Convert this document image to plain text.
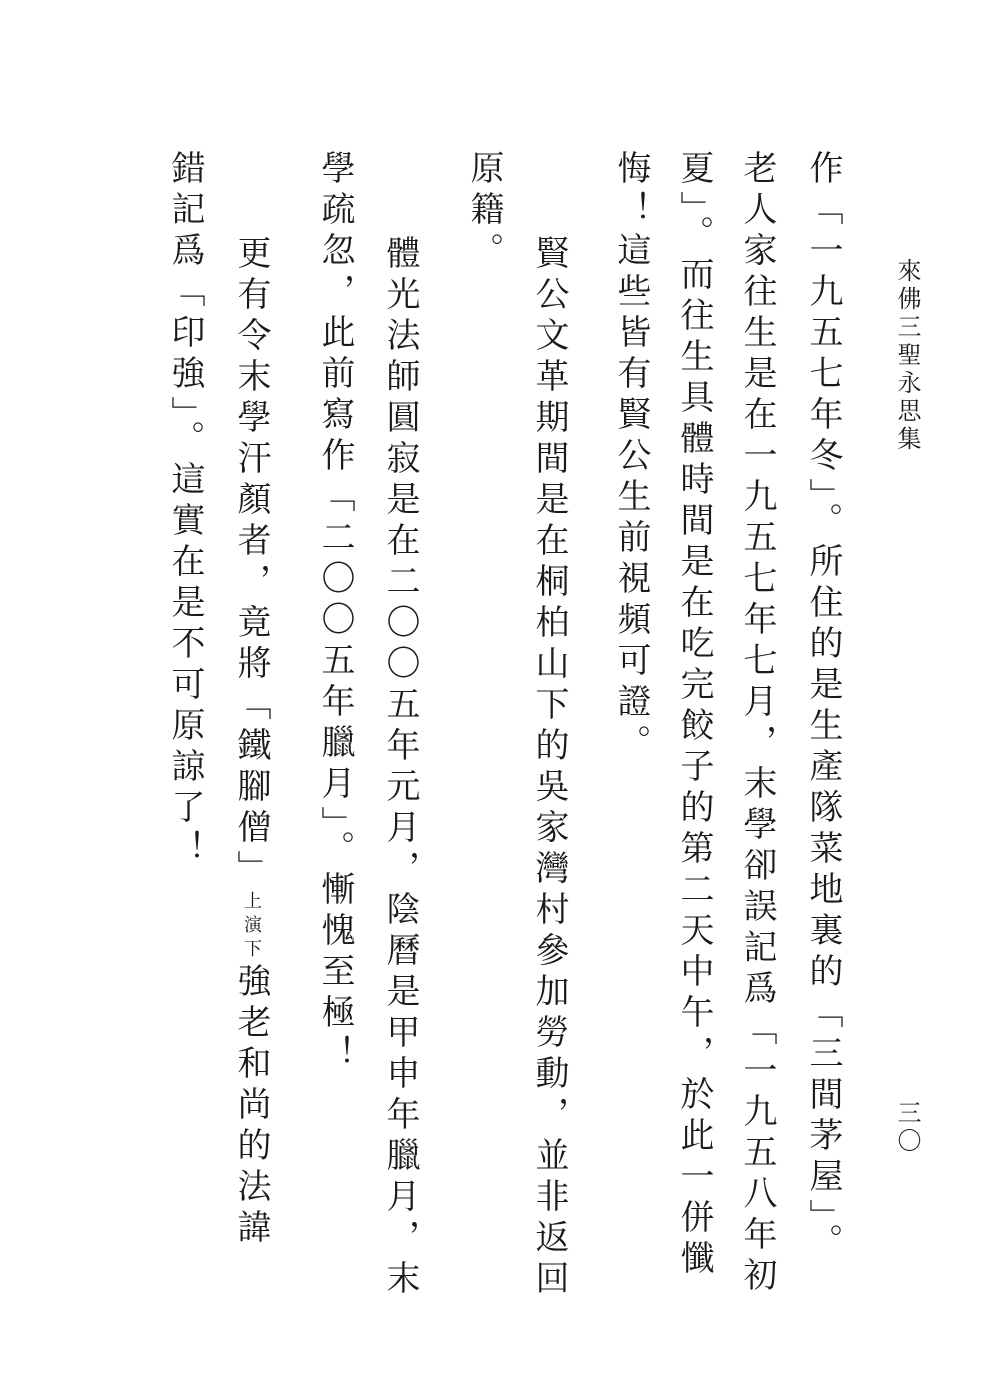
來佛三聖永思集
三〇
作「一九五七年冬」。所住的是生產隊菜地裏的「三間茅屋」。
老人家往生是在一九五七年七月，末學卻誤記爲「一九五八年初
夏」。而往生具體時間是在吃完餃子的第二天中午，於此一併懺
悔！這些皆有賢公生前視頻可證。
賢公文革期間是在桐柏山下的吳家灣村參加勞動，並非返回
原籍。
體光法師圓寂是在二〇〇五年元月，陰曆是甲申年臘月，末
學疏忽，此前寫作「二〇〇五年臘月」。慚愧至極！
更有令末學汗顏者，竟將「鐵腳僧」上演下強老和尚的法諱
錯記爲「印強」。這實在是不可原諒了！
